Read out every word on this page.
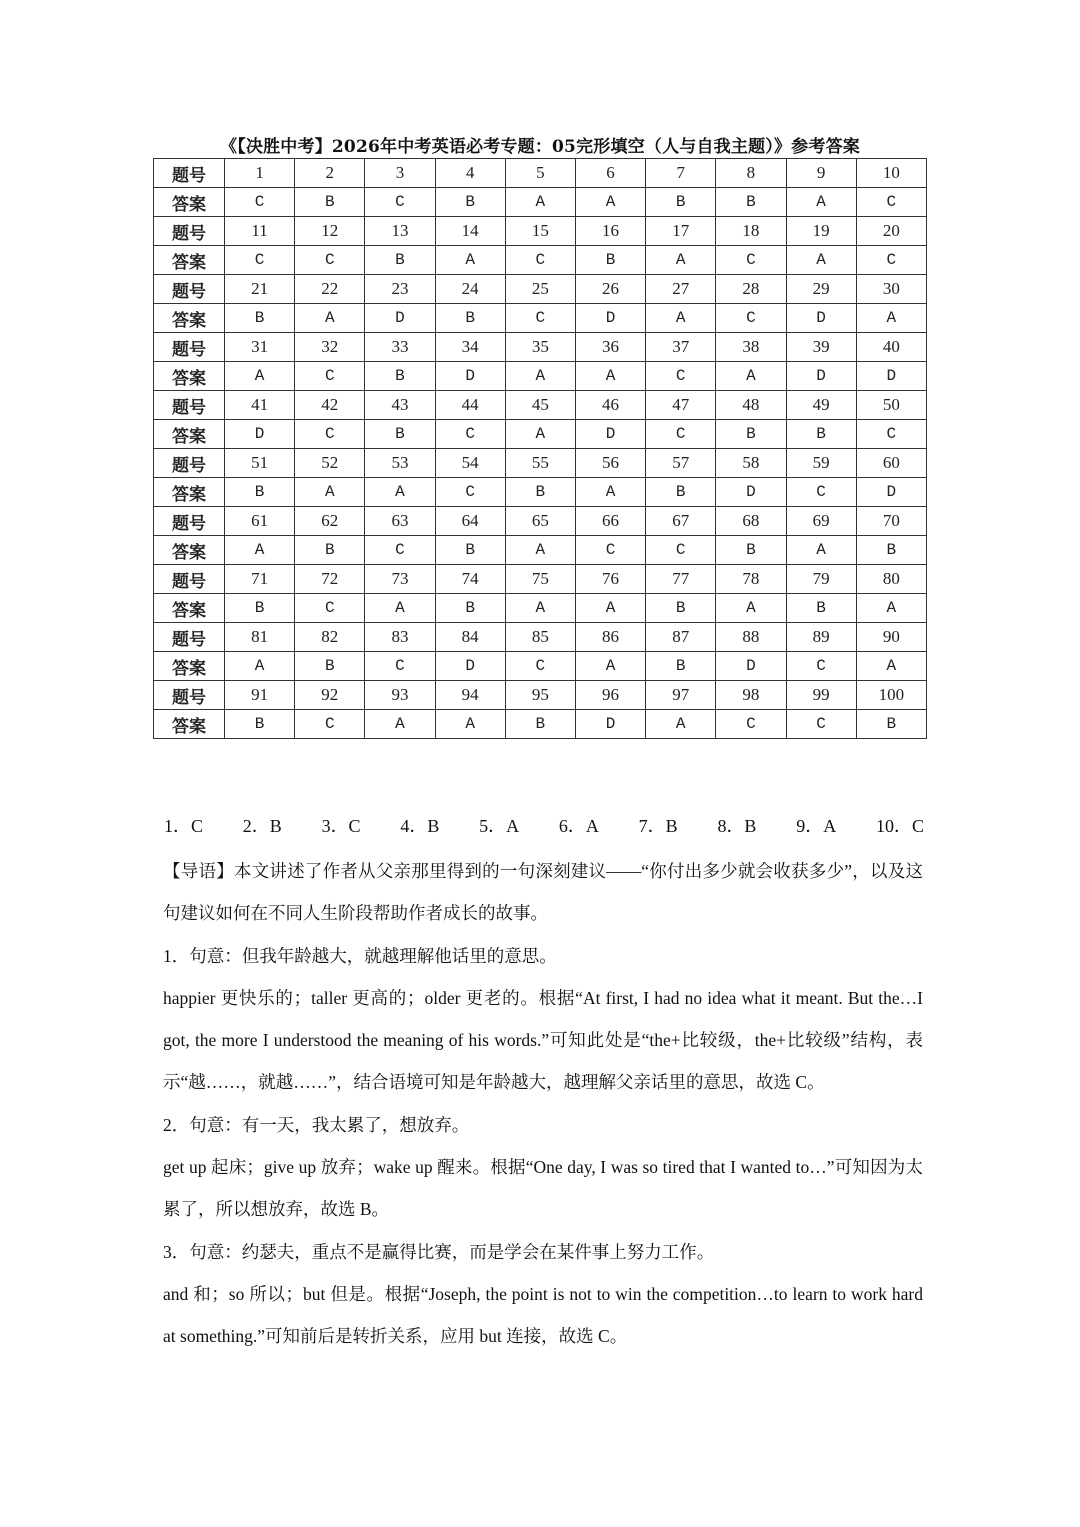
《【决胜中考】2026年中考英语必考专题：05完形填空（人与自我主题）》参考答案
题号	1	2	3	4	5	6	7	8	9	10
答案	C	B	C	B	A	A	B	B	A	C
题号	11	12	13	14	15	16	17	18	19	20
答案	C	C	B	A	C	B	A	C	A	C
题号	21	22	23	24	25	26	27	28	29	30
答案	B	A	D	B	C	D	A	C	D	A
题号	31	32	33	34	35	36	37	38	39	40
答案	A	C	B	D	A	A	C	A	D	D
题号	41	42	43	44	45	46	47	48	49	50
答案	D	C	B	C	A	D	C	B	B	C
题号	51	52	53	54	55	56	57	58	59	60
答案	B	A	A	C	B	A	B	D	C	D
题号	61	62	63	64	65	66	67	68	69	70
答案	A	B	C	B	A	C	C	B	A	B
题号	71	72	73	74	75	76	77	78	79	80
答案	B	C	A	B	A	A	B	A	B	A
题号	81	82	83	84	85	86	87	88	89	90
答案	A	B	C	D	C	A	B	D	C	A
题号	91	92	93	94	95	96	97	98	99	100
答案	B	C	A	A	B	D	A	C	C	B
1．C 2．B 3．C 4．B 5．A 6．A 7．B 8．B 9．A 10．C

【导语】本文讲述了作者从父亲那里得到的一句深刻建议——“你付出多少就会收获多少”，以及这句建议如何在不同人生阶段帮助作者成长的故事。

1．句意：但我年龄越大，就越理解他话里的意思。

happier 更快乐的；taller 更高的；older 更老的。根据“At first, I had no idea what it meant. But the…I got, the more I understood the meaning of his words.”可知此处是“the+比较级，the+比较级”结构，表示“越……，就越……”，结合语境可知是年龄越大，越理解父亲话里的意思，故选 C。

2．句意：有一天，我太累了，想放弃。

get up 起床；give up 放弃；wake up 醒来。根据“One day, I was so tired that I wanted to…”可知因为太累了，所以想放弃，故选 B。

3．句意：约瑟夫，重点不是赢得比赛，而是学会在某件事上努力工作。

and 和；so 所以；but 但是。根据“Joseph, the point is not to win the competition…to learn to work hard at something.”可知前后是转折关系，应用 but 连接，故选 C。
